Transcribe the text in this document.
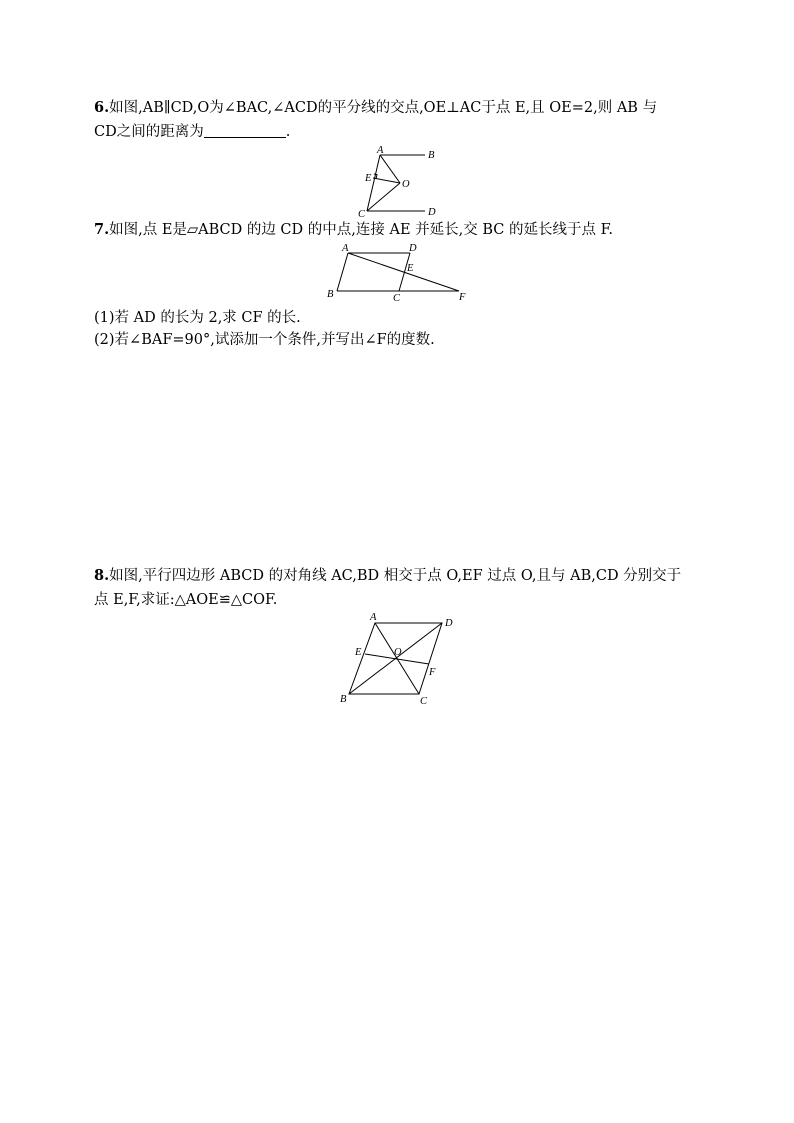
6.如图,AB∥CD,O为∠BAC,∠ACD的平分线的交点,OE⊥AC于点 E,且 OE=2,则 AB 与
CD之间的距离为	.
A	B
C	D
E
O
7.如图,点 E是▱ABCD 的边 CD 的中点,连接 AE 并延长,交 BC 的延长线于点 F.
A	D
E
B	C	F
(1)若 AD 的长为 2,求 CF 的长.
(2)若∠BAF=90°,试添加一个条件,并写出∠F的度数.
8.如图,平行四边形 ABCD 的对角线 AC,BD 相交于点 O,EF 过点 O,且与 AB,CD 分别交于
点 E,F,求证:△AOE≌△COF.
A
D
E	O
F
B	C
